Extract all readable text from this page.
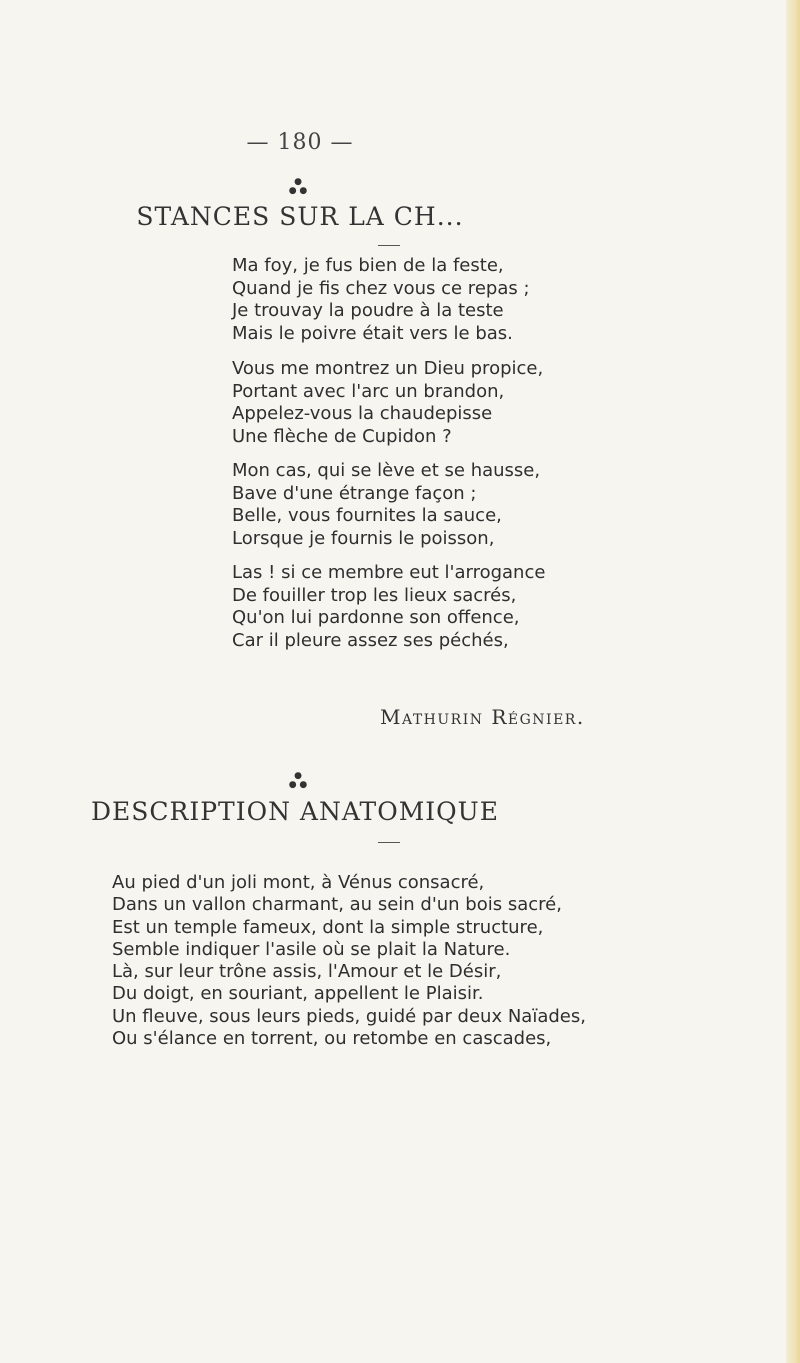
— 180 —
●
● ●
STANCES SUR LA CH...
Ma foy, je fus bien de la feste,
Quand je fis chez vous ce repas ;
Je trouvay la poudre à la teste
Mais le poivre était vers le bas.
Vous me montrez un Dieu propice,
Portant avec l'arc un brandon,
Appelez-vous la chaudepisse
Une flèche de Cupidon ?
Mon cas, qui se lève et se hausse,
Bave d'une étrange façon ;
Belle, vous fournites la sauce,
Lorsque je fournis le poisson,
Las ! si ce membre eut l'arrogance
De fouiller trop les lieux sacrés,
Qu'on lui pardonne son offence,
Car il pleure assez ses péchés,
Mathurin Régnier.
●
● ●
DESCRIPTION ANATOMIQUE
Au pied d'un joli mont, à Vénus consacré,
Dans un vallon charmant, au sein d'un bois sacré,
Est un temple fameux, dont la simple structure,
Semble indiquer l'asile où se plait la Nature.
Là, sur leur trône assis, l'Amour et le Désir,
Du doigt, en souriant, appellent le Plaisir.
Un fleuve, sous leurs pieds, guidé par deux Naïades,
Ou s'élance en torrent, ou retombe en cascades,
